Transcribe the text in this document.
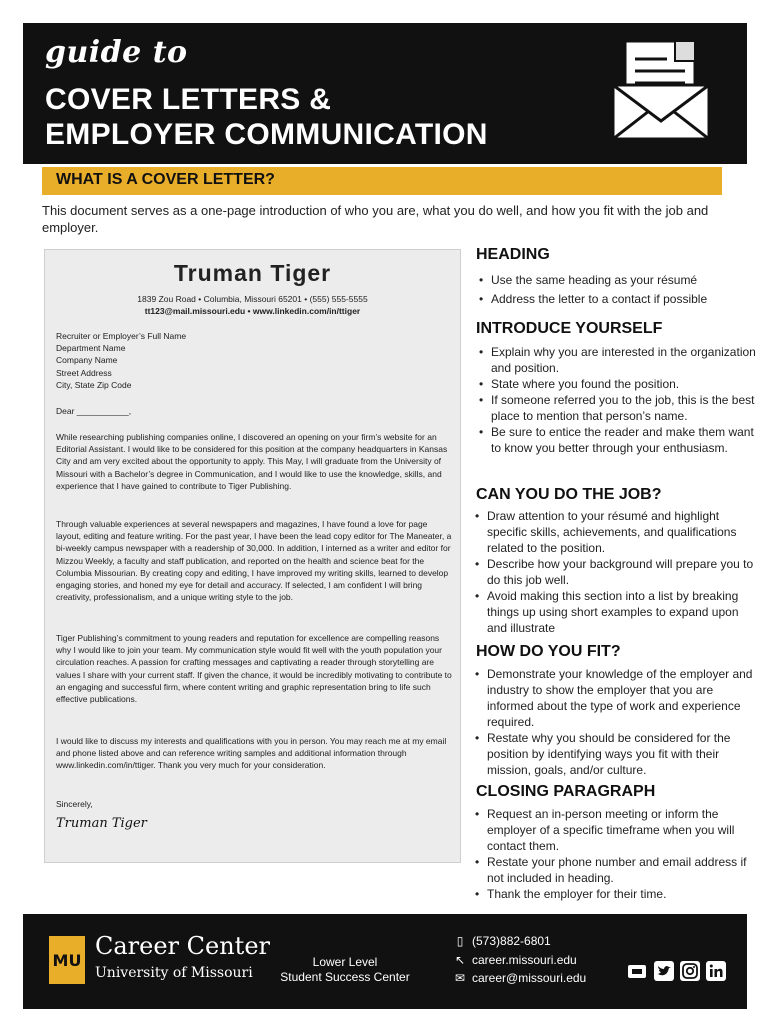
guide to
COVER LETTERS &
EMPLOYER COMMUNICATION
WHAT IS A COVER LETTER?
This document serves as a one-page introduction of who you are, what you do well, and how you fit with the job and employer.
Truman Tiger
1839 Zou Road • Columbia, Missouri 65201 • (555) 555-5555
tt123@mail.missouri.edu • www.linkedin.com/in/ttiger
Recruiter or Employer’s Full Name
Department Name
Company Name
Street Address
City, State Zip Code
Dear ___________,
While researching publishing companies online, I discovered an opening on your firm’s website for an Editorial Assistant. I would like to be considered for this position at the company headquarters in Kansas City and am very excited about the opportunity to apply. This May, I will graduate from the University of Missouri with a Bachelor’s degree in Communication, and I would like to use the knowledge, skills, and experience that I have gained to contribute to Tiger Publishing.
Through valuable experiences at several newspapers and magazines, I have found a love for page layout, editing and feature writing. For the past year, I have been the lead copy editor for The Maneater, a bi-weekly campus newspaper with a readership of 30,000. In addition, I interned as a writer and editor for Mizzou Weekly, a faculty and staff publication, and reported on the health and science beat for the Columbia Missourian. By creating copy and editing, I have improved my writing skills, learned to develop engaging stories, and honed my eye for detail and accuracy. If selected, I am confident I will bring creativity, professionalism, and a unique writing style to the job.
Tiger Publishing’s commitment to young readers and reputation for excellence are compelling reasons why I would like to join your team. My communication style would fit well with the youth population your circulation reaches. A passion for crafting messages and captivating a reader through storytelling are values I share with your current staff. If given the chance, it would be incredibly motivating to contribute to an engaging and successful firm, where content writing and graphic representation bring to life such effective publications.
I would like to discuss my interests and qualifications with you in person. You may reach me at my email and phone listed above and can reference writing samples and additional information through www.linkedin.com/in/ttiger. Thank you very much for your consideration.
Sincerely,
Truman Tiger
HEADING
• Use the same heading as your résumé
• Address the letter to a contact if possible
INTRODUCE YOURSELF
• Explain why you are interested in the organization and position.
• State where you found the position.
• If someone referred you to the job, this is the best place to mention that person’s name.
• Be sure to entice the reader and make them want to know you better through your enthusiasm.
CAN YOU DO THE JOB?
• Draw attention to your résumé and highlight specific skills, achievements, and qualifications related to the position.
• Describe how your background will prepare you to do this job well.
• Avoid making this section into a list by breaking things up using short examples to expand upon and illustrate
HOW DO YOU FIT?
• Demonstrate your knowledge of the employer and industry to show the employer that you are informed about the type of work and experience required.
• Restate why you should be considered for the position by identifying ways you fit with their mission, goals, and/or culture.
CLOSING PARAGRAPH
• Request an in-person meeting or inform the employer of a specific timeframe when you will contact them.
• Restate your phone number and email address if not included in heading.
• Thank the employer for their time.
MU
Career Center
University of Missouri
Lower Level
Student Success Center
▯ (573)882-6801
↖ career.missouri.edu
✉ career@missouri.edu
